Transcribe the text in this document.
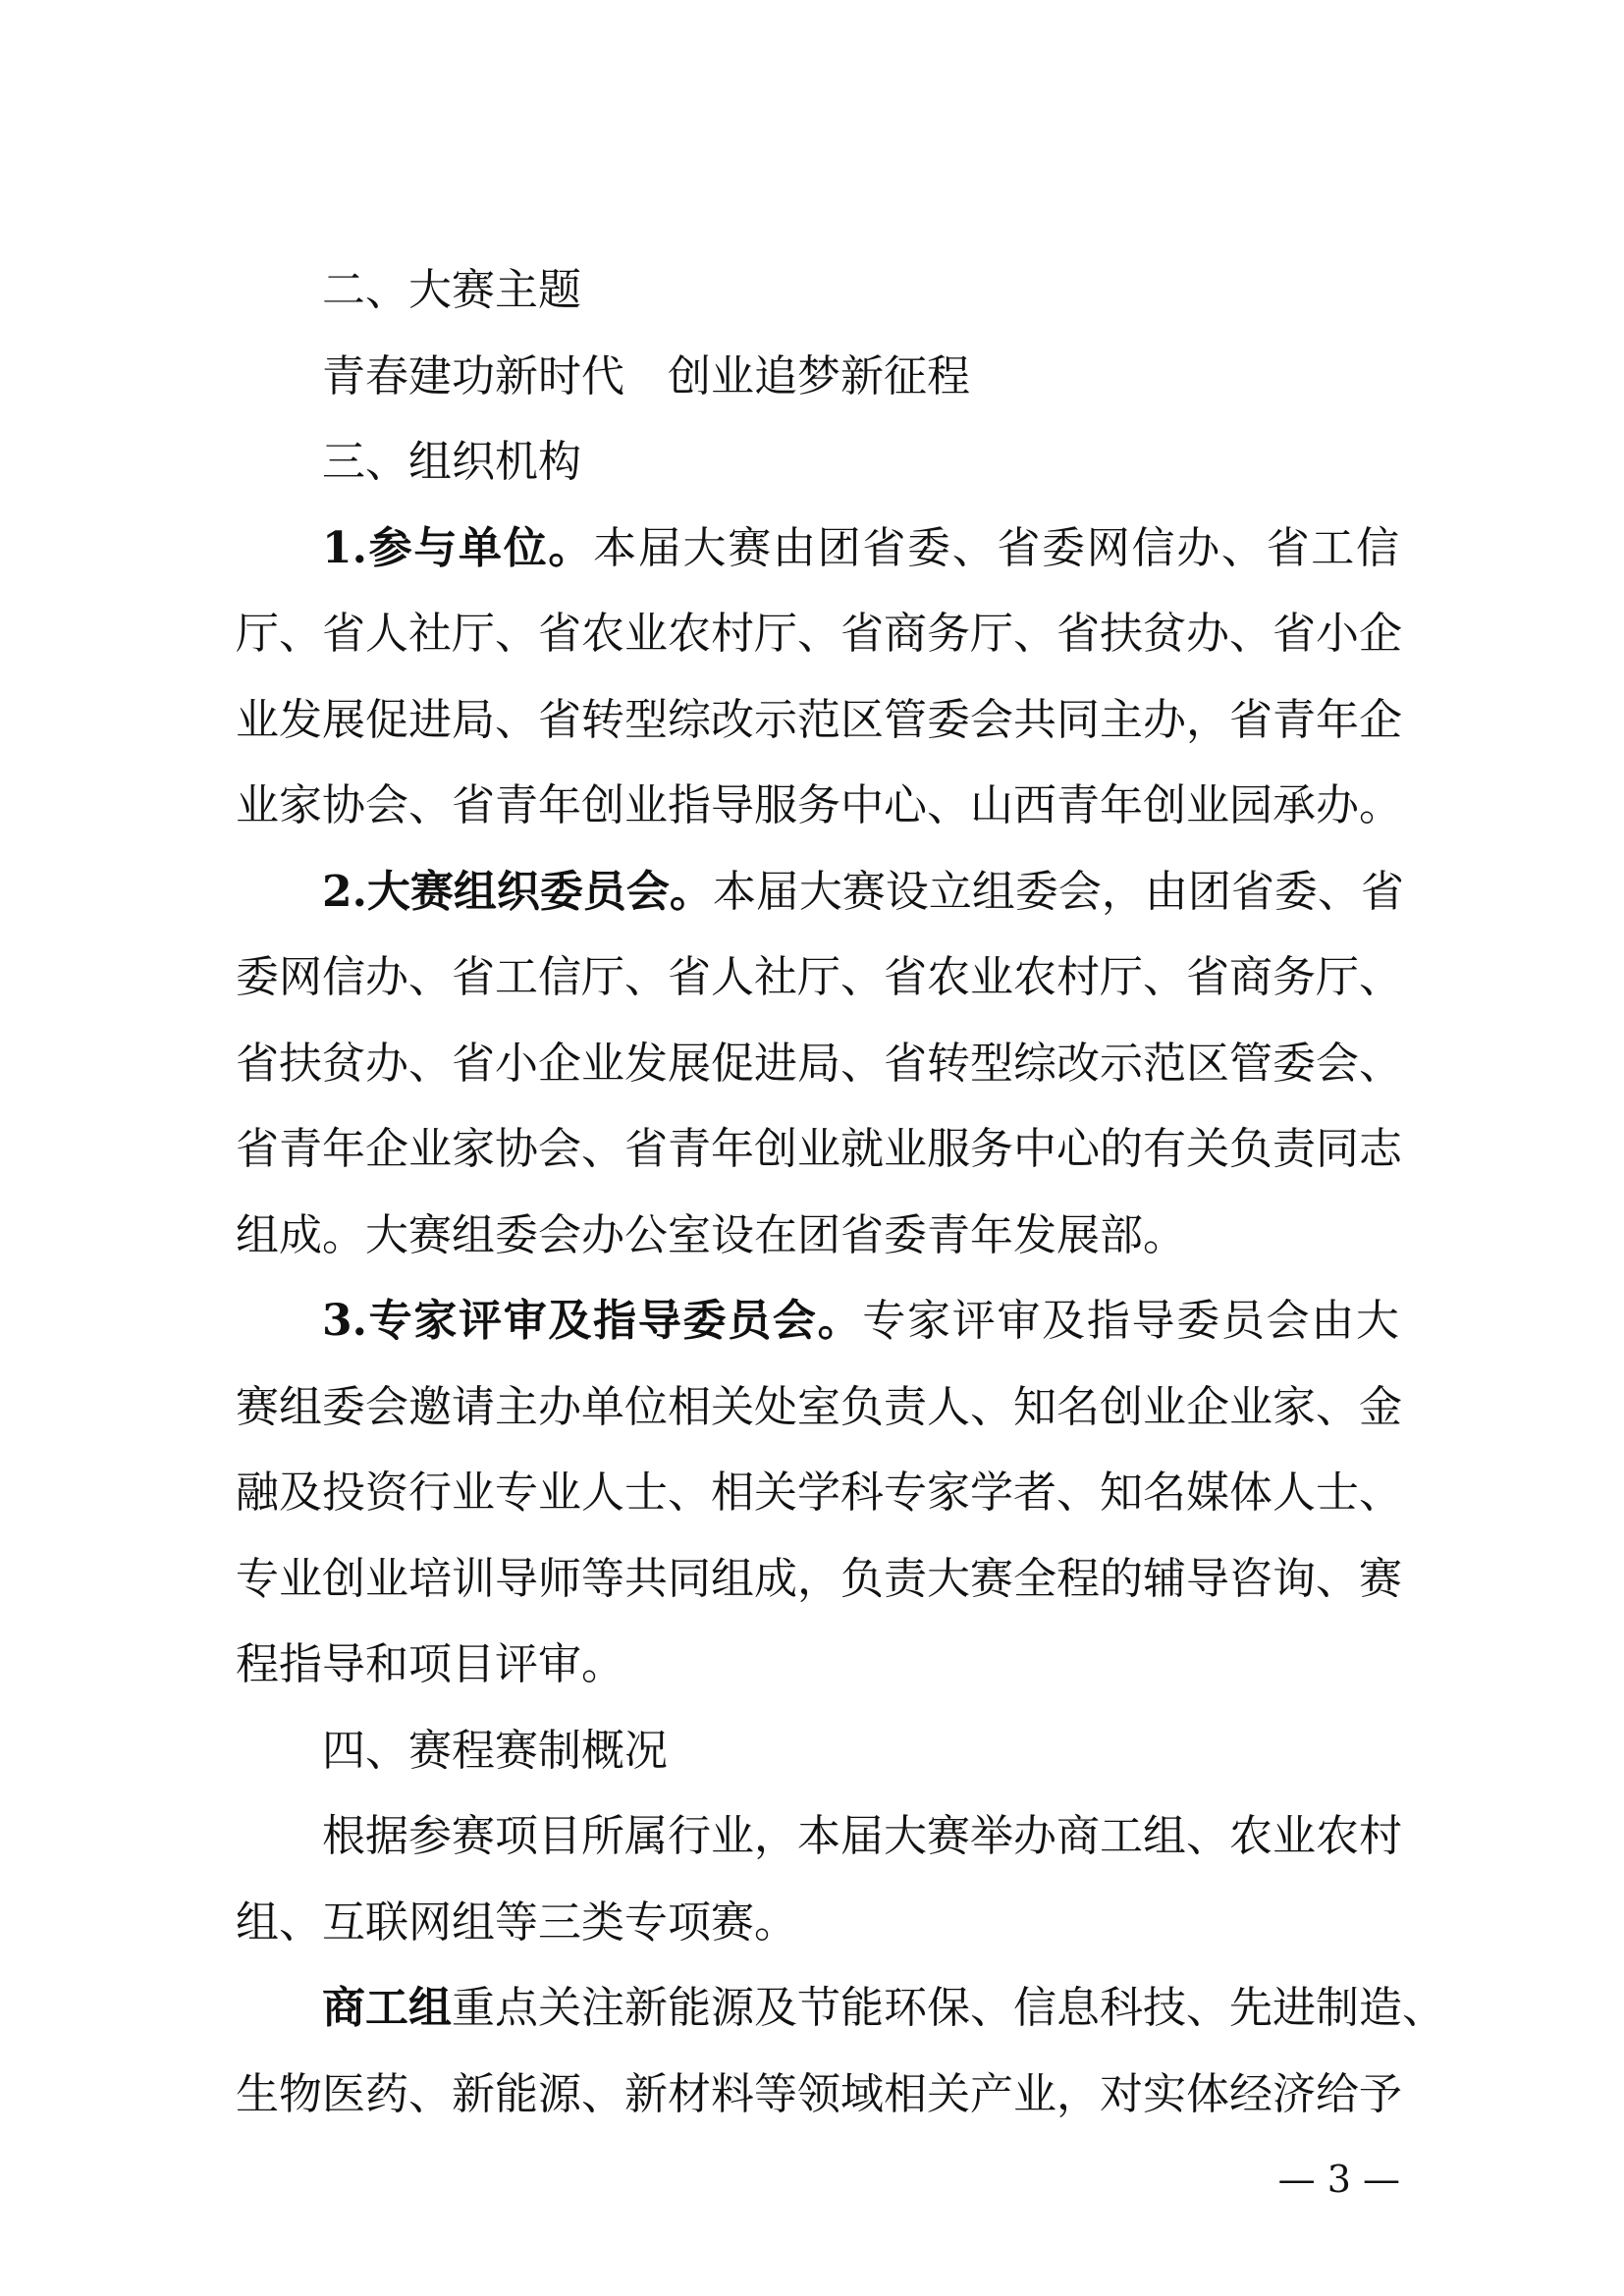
二、大赛主题
青春建功新时代　创业追梦新征程
三、组织机构
1.参与单位。本届大赛由团省委、省委网信办、省工信
厅、省人社厅、省农业农村厅、省商务厅、省扶贫办、省小企
业发展促进局、省转型综改示范区管委会共同主办，省青年企
业家协会、省青年创业指导服务中心、山西青年创业园承办。
2.大赛组织委员会。本届大赛设立组委会，由团省委、省
委网信办、省工信厅、省人社厅、省农业农村厅、省商务厅、
省扶贫办、省小企业发展促进局、省转型综改示范区管委会、
省青年企业家协会、省青年创业就业服务中心的有关负责同志
组成。大赛组委会办公室设在团省委青年发展部。
3.专家评审及指导委员会。专家评审及指导委员会由大
赛组委会邀请主办单位相关处室负责人、知名创业企业家、金
融及投资行业专业人士、相关学科专家学者、知名媒体人士、
专业创业培训导师等共同组成，负责大赛全程的辅导咨询、赛
程指导和项目评审。
四、赛程赛制概况
根据参赛项目所属行业，本届大赛举办商工组、农业农村
组、互联网组等三类专项赛。
商工组重点关注新能源及节能环保、信息科技、先进制造、
生物医药、新能源、新材料等领域相关产业，对实体经济给予
— 3 —
